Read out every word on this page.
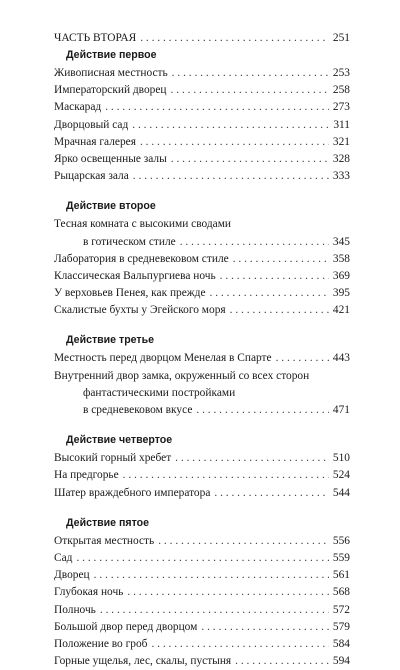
ЧАСТЬ ВТОРАЯ . . .	251
Действие первое
Живописная местность . . .	253
Императорский дворец . . .	258
Маскарад . . .	273
Дворцовый сад . . .	311
Мрачная галерея . . .	321
Ярко освещенные залы . . .	328
Рыцарская зала . . .	333
Действие второе
Тесная комната с высокими сводами
в готическом стиле . . .	345
Лаборатория в средневековом стиле . . .	358
Классическая Вальпургиева ночь . . .	369
У верховьев Пенея, как прежде . . .	395
Скалистые бухты у Эгейского моря . . .	421
Действие третье
Местность перед дворцом Менелая в Спарте . . .	443
Внутренний двор замка, окруженный со всех сторон
фантастическими постройками
в средневековом вкусе . . .	471
Действие четвертое
Высокий горный хребет . . .	510
На предгорье . . .	524
Шатер враждебного императора . . .	544
Действие пятое
Открытая местность . . .	556
Сад . . .	559
Дворец . . .	561
Глубокая ночь . . .	568
Полночь . . .	572
Большой двор перед дворцом . . .	579
Положение во гроб . . .	584
Горные ущелья, лес, скалы, пустыня . . .	594
